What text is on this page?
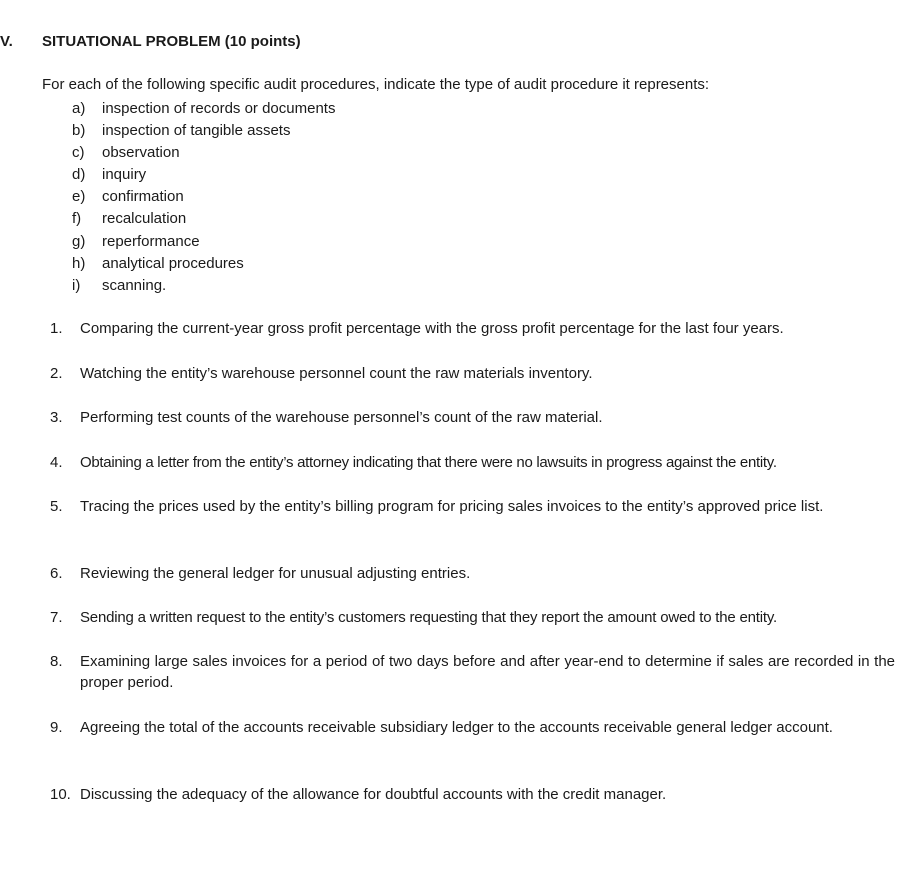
V. SITUATIONAL PROBLEM (10 points)
For each of the following specific audit procedures, indicate the type of audit procedure it represents:
a)	inspection of records or documents
b)	inspection of tangible assets
c)	observation
d)	inquiry
e)	confirmation
f)	recalculation
g)	reperformance
h)	analytical procedures
i)	scanning.
1.	Comparing the current-year gross profit percentage with the gross profit percentage for the last four years.
2.	Watching the entity’s warehouse personnel count the raw materials inventory.
3.	Performing test counts of the warehouse personnel’s count of the raw material.
4.	Obtaining a letter from the entity’s attorney indicating that there were no lawsuits in progress against the entity.
5.	Tracing the prices used by the entity’s billing program for pricing sales invoices to the entity’s approved price list.
6.	Reviewing the general ledger for unusual adjusting entries.
7.	Sending a written request to the entity’s customers requesting that they report the amount owed to the entity.
8.	Examining large sales invoices for a period of two days before and after year-end to determine if sales are recorded in the proper period.
9.	Agreeing the total of the accounts receivable subsidiary ledger to the accounts receivable general ledger account.
10. Discussing the adequacy of the allowance for doubtful accounts with the credit manager.
